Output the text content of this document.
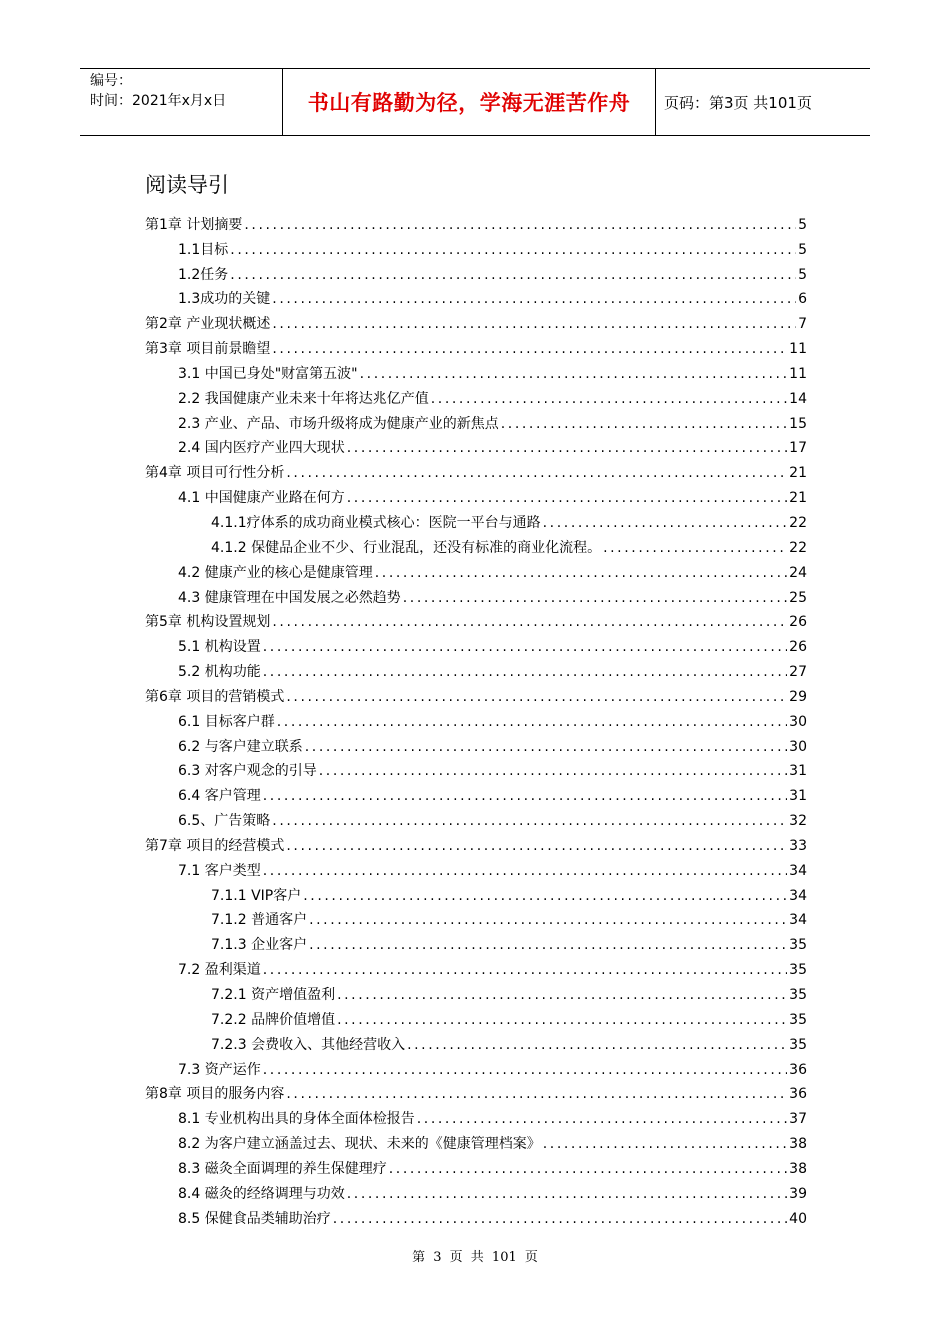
编号：
时间：2021年x月x日	书山有路勤为径，学海无涯苦作舟	页码：第3页 共101页
阅读导引
第1章 计划摘要 .....	5
1.1目标 .....	5
1.2任务 .....	5
1.3成功的关键 .....	6
第2章 产业现状概述 .....	7
第3章 项目前景瞻望 .....	11
3.1 中国已身处"财富第五波" .....	11
2.2 我国健康产业未来十年将达兆亿产值 .....	14
2.3 产业、产品、市场升级将成为健康产业的新焦点 .....	15
2.4 国内医疗产业四大现状 .....	17
第4章 项目可行性分析 .....	21
4.1 中国健康产业路在何方 .....	21
4.1.1疗体系的成功商业模式核心：医院一平台与通路 .....	22
4.1.2 保健品企业不少、行业混乱，还没有标准的商业化流程。 .....	22
4.2 健康产业的核心是健康管理 .....	24
4.3 健康管理在中国发展之必然趋势 .....	25
第5章 机构设置规划 .....	26
5.1 机构设置 .....	26
5.2 机构功能 .....	27
第6章 项目的营销模式 .....	29
6.1 目标客户群 .....	30
6.2 与客户建立联系 .....	30
6.3 对客户观念的引导 .....	31
6.4 客户管理 .....	31
6.5、广告策略 .....	32
第7章 项目的经营模式 .....	33
7.1 客户类型 .....	34
7.1.1 VIP客户 .....	34
7.1.2 普通客户 .....	34
7.1.3 企业客户 .....	35
7.2 盈利渠道 .....	35
7.2.1 资产增值盈利 .....	35
7.2.2 品牌价值增值 .....	35
7.2.3 会费收入、其他经营收入 .....	35
7.3 资产运作 .....	36
第8章 项目的服务内容 .....	36
8.1 专业机构出具的身体全面体检报告 .....	37
8.2 为客户建立涵盖过去、现状、未来的《健康管理档案》 .....	38
8.3 磁灸全面调理的养生保健理疗 .....	38
8.4 磁灸的经络调理与功效 .....	39
8.5 保健食品类辅助治疗 .....	40
第 3 页 共 101 页
